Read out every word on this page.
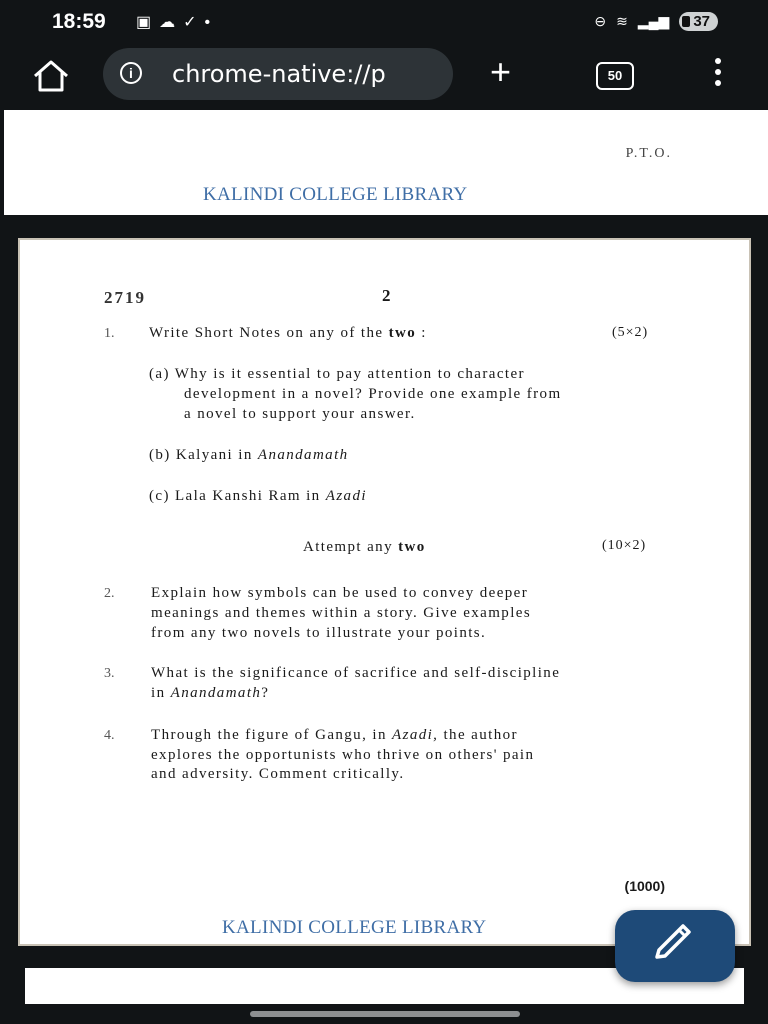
18:59 ▣☁✓•	⊖ ≋ ▂▄▆	37
i	chrome-native://p	+	50
P.T.O.
KALINDI COLLEGE LIBRARY
2719	2
1. Write Short Notes on any of the two :	(5×2)
(a) Why is it essential to pay attention to character
development in a novel? Provide one example from
a novel to support your answer.
(b) Kalyani in Anandamath
(c) Lala Kanshi Ram in Azadi
Attempt any two	(10×2)
2. Explain how symbols can be used to convey deeper
meanings and themes within a story. Give examples
from any two novels to illustrate your points.
3. What is the significance of sacrifice and self-discipline
in Anandamath?
4. Through the figure of Gangu, in Azadi, the author
explores the opportunists who thrive on others' pain
and adversity. Comment critically.
(1000)
KALINDI COLLEGE LIBRARY
